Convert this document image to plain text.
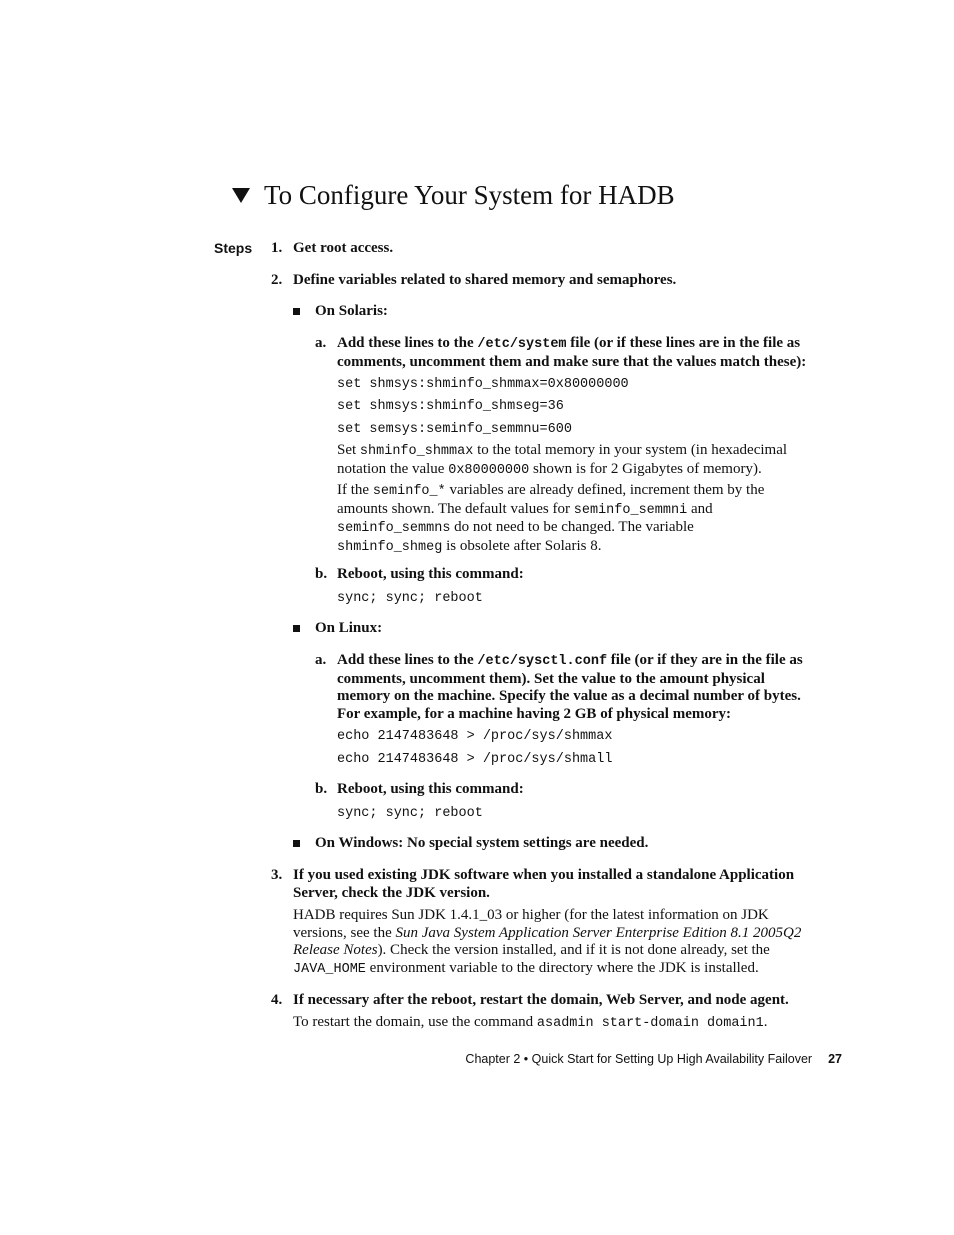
To Configure Your System for HADB
Steps 1. Get root access.
2. Define variables related to shared memory and semaphores.
On Solaris:
a. Add these lines to the /etc/system file (or if these lines are in the file as
comments, uncomment them and make sure that the values match these):
set shmsys:shminfo_shmmax=0x80000000
set shmsys:shminfo_shmseg=36
set semsys:seminfo_semmnu=600
Set shminfo_shmmax to the total memory in your system (in hexadecimal
notation the value 0x80000000 shown is for 2 Gigabytes of memory).
If the seminfo_* variables are already defined, increment them by the
amounts shown. The default values for seminfo_semmni and
seminfo_semmns do not need to be changed. The variable
shminfo_shmeg is obsolete after Solaris 8.
b. Reboot, using this command:
sync; sync; reboot
On Linux:
a. Add these lines to the /etc/sysctl.conf file (or if they are in the file as
comments, uncomment them). Set the value to the amount physical
memory on the machine. Specify the value as a decimal number of bytes.
For example, for a machine having 2 GB of physical memory:
echo 2147483648 > /proc/sys/shmmax
echo 2147483648 > /proc/sys/shmall
b. Reboot, using this command:
sync; sync; reboot
On Windows: No special system settings are needed.
3. If you used existing JDK software when you installed a standalone Application
Server, check the JDK version.
HADB requires Sun JDK 1.4.1_03 or higher (for the latest information on JDK
versions, see the Sun Java System Application Server Enterprise Edition 8.1 2005Q2
Release Notes). Check the version installed, and if it is not done already, set the
JAVA_HOME environment variable to the directory where the JDK is installed.
4. If necessary after the reboot, restart the domain, Web Server, and node agent.
To restart the domain, use the command asadmin start-domain domain1.
Chapter 2 • Quick Start for Setting Up High Availability Failover 27
